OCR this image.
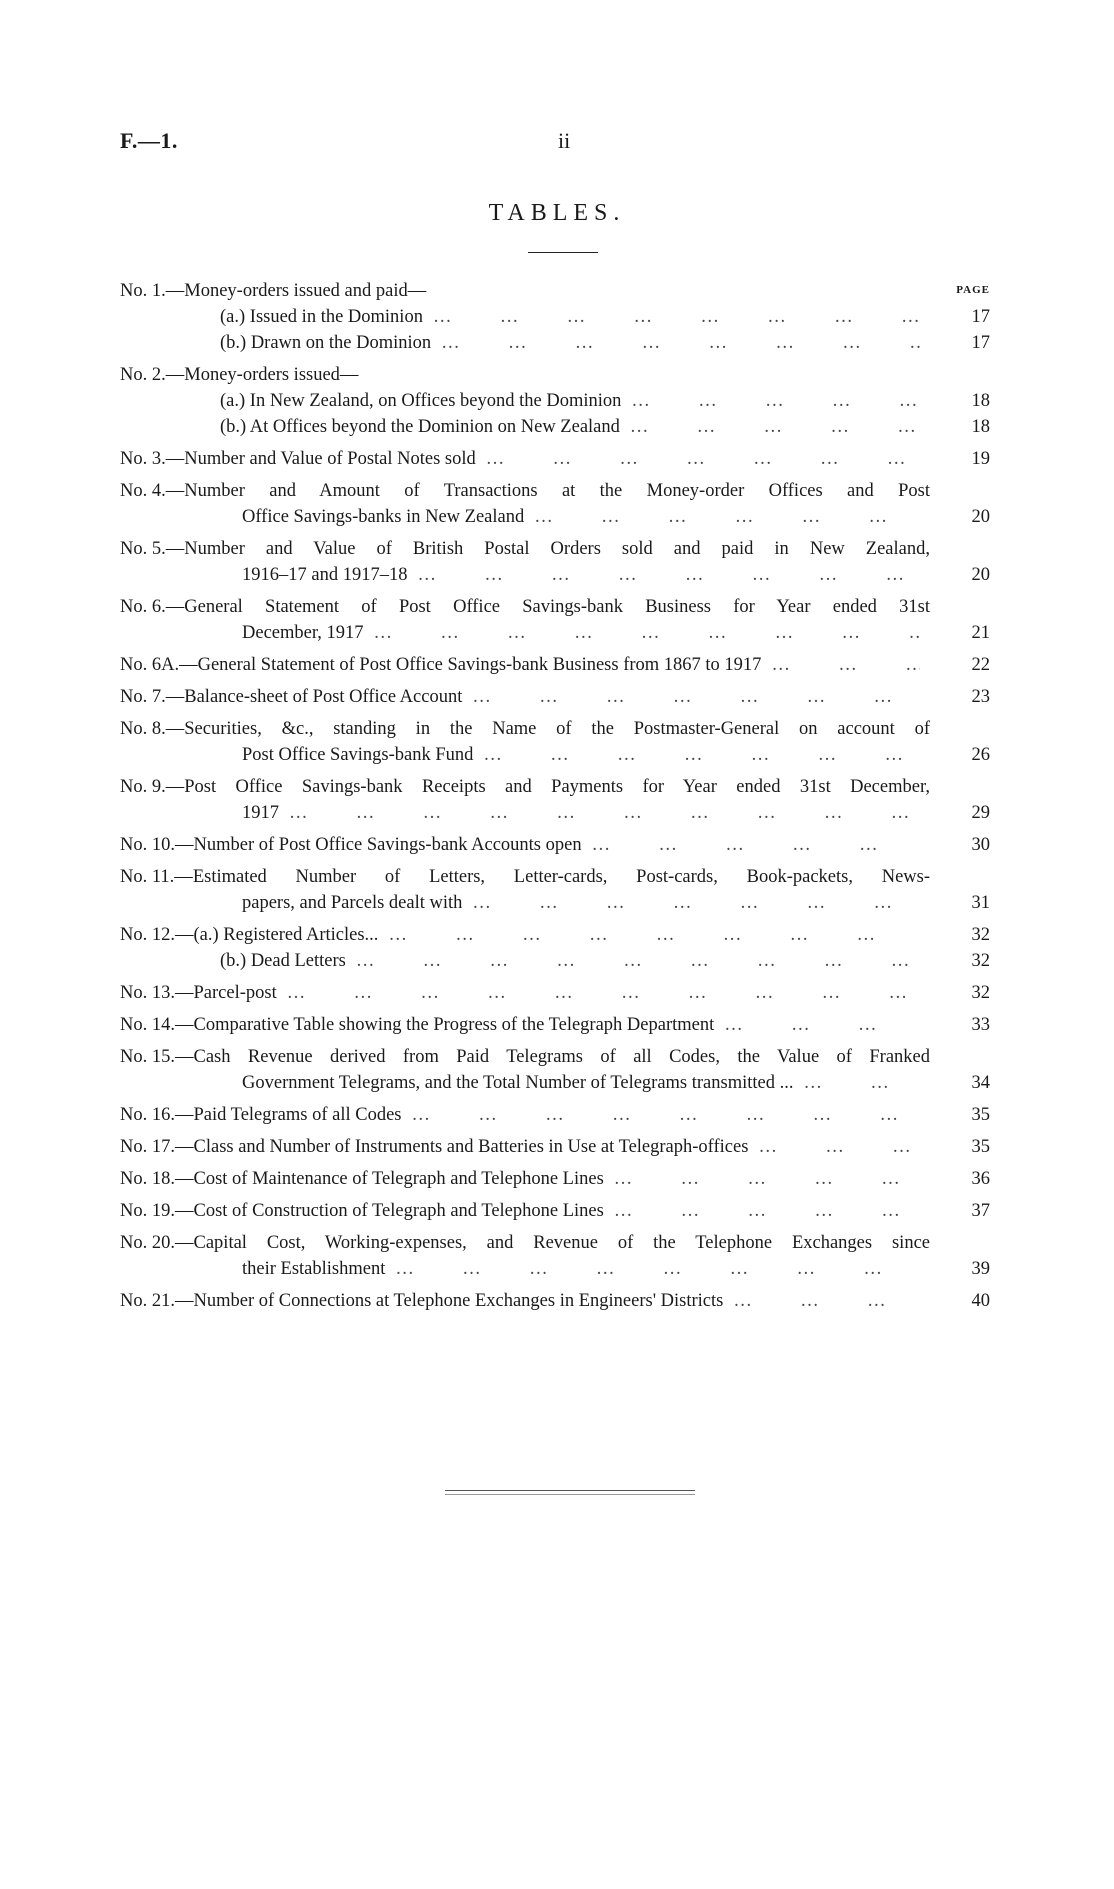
F.—1.	ii
TABLES.
PAGE
No. 1.— Money-orders issued and paid—
(a.) Issued in the Dominion …       …       …       …       …       …       …       …       …       …       …	17
(b.) Drawn on the Dominion …       …       …       …       …       …       …       …       …       …       …	17
No. 2.— Money-orders issued—
(a.) In New Zealand, on Offices beyond the Dominion …       …       …       …       …       …       …       …       …       …       …	18
(b.) At Offices beyond the Dominion on New Zealand …       …       …       …       …       …       …       …       …       …       …	18
No. 3.— Number and Value of Postal Notes sold …       …       …       …       …       …       …       …       …       …       …	19
No. 4.— Number and Amount of Transactions at the Money-order Offices and Post
Office Savings-banks in New Zealand …       …       …       …       …       …       …       …       …       …       …	20
No. 5.— Number and Value of British Postal Orders sold and paid in New Zealand,
1916–17 and 1917–18 …       …       …       …       …       …       …       …       …       …       …	20
No. 6.— General Statement of Post Office Savings-bank Business for Year ended 31st
December, 1917 …       …       …       …       …       …       …       …       …       …       …	21
No. 6A.— General Statement of Post Office Savings-bank Business from 1867 to 1917 …       …       …       …       …       …       …       …       …       …       …	22
No. 7.— Balance-sheet of Post Office Account …       …       …       …       …       …       …       …       …       …       …	23
No. 8.— Securities, &c., standing in the Name of the Postmaster-General on account of
Post Office Savings-bank Fund …       …       …       …       …       …       …       …       …       …       …	26
No. 9.— Post Office Savings-bank Receipts and Payments for Year ended 31st December,
1917 …       …       …       …       …       …       …       …       …       …       …	29
No. 10.— Number of Post Office Savings-bank Accounts open …       …       …       …       …       …       …       …       …       …       …	30
No. 11.— Estimated Number of Letters, Letter-cards, Post-cards, Book-packets, News-
papers, and Parcels dealt with …       …       …       …       …       …       …       …       …       …       …	31
No. 12.— (a.) Registered Articles... …       …       …       …       …       …       …       …       …       …       …	32
(b.) Dead Letters …       …       …       …       …       …       …       …       …       …       …	32
No. 13.— Parcel-post …       …       …       …       …       …       …       …       …       …       …	32
No. 14.— Comparative Table showing the Progress of the Telegraph Department …       …       …       …       …       …       …       …       …       …       …	33
No. 15.— Cash Revenue derived from Paid Telegrams of all Codes, the Value of Franked
Government Telegrams, and the Total Number of Telegrams transmitted ... …       …       …       …       …       …       …       …       …       …       …	34
No. 16.— Paid Telegrams of all Codes …       …       …       …       …       …       …       …       …       …       …	35
No. 17.— Class and Number of Instruments and Batteries in Use at Telegraph-offices …       …       …       …       …       …       …       …       …       …       …	35
No. 18.— Cost of Maintenance of Telegraph and Telephone Lines …       …       …       …       …       …       …       …       …       …       …	36
No. 19.— Cost of Construction of Telegraph and Telephone Lines …       …       …       …       …       …       …       …       …       …       …	37
No. 20.— Capital Cost, Working-expenses, and Revenue of the Telephone Exchanges since
their Establishment …       …       …       …       …       …       …       …       …       …       …	39
No. 21.— Number of Connections at Telephone Exchanges in Engineers' Districts …       …       …       …       …       …       …       …       …       …       …	40
